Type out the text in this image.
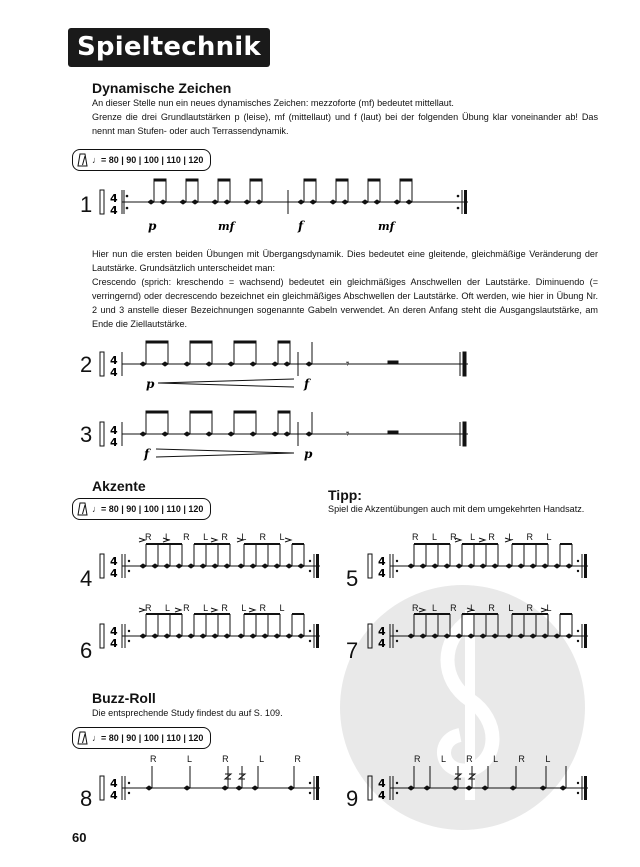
Spieltechnik
Dynamische Zeichen
An dieser Stelle nun ein neues dynamisches Zeichen: mezzoforte (mf) bedeutet mittellaut.
Grenze die drei Grundlautstärken p (leise), mf (mittellaut) und f (laut) bei der folgenden Übung klar voneinander ab! Das nennt man Stufen- oder auch Terrassendynamik.
♩= 80 | 90 | 100 | 110 | 120
1 4
4
p	mf	f	mf
Hier nun die ersten beiden Übungen mit Übergangsdynamik. Dies bedeutet eine gleitende, gleichmäßige Veränderung der Lautstärke. Grundsätzlich unterscheidet man:
Crescendo (sprich: kreschendo = wachsend) bedeutet ein gleichmäßiges Anschwellen der Lautstärke. Diminuendo (= verringernd) oder decrescendo bezeichnet ein gleichmäßiges Abschwellen der Lautstärke. Oft werden, wie hier in Übung Nr. 2 und 3 anstelle dieser Bezeichnungen sogenannte Gabeln verwendet. An deren Anfang steht die Ausgangslautstärke, am Ende die Ziellautstärke.
2 4
4
𝄾
p	f
3 4
4
𝄾
f	p
Akzente
♩= 80 | 90 | 100 | 110 | 120
Tipp:
Spiel die Akzentübungen auch mit dem umgekehrten Handsatz.
4
4
4
4
4
4
4
4
4
4
4
4
4	5
6	7
R L R L R L R L	R L R L R L R L
R L R L R L R L	R L R L R L R L
Buzz-Roll
Die entsprechende Study findest du auf S. 109.
♩= 80 | 90 | 100 | 110 | 120
8	9
R L R L R	R L R L R L
60
